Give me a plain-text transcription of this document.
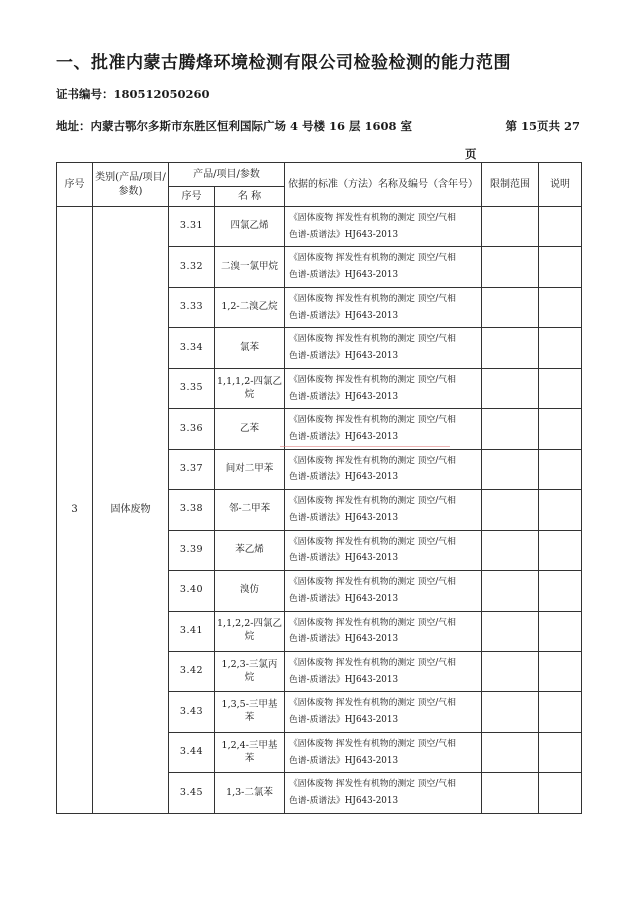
一、批准内蒙古腾烽环境检测有限公司检验检测的能力范围
证书编号：180512050260
地址：内蒙古鄂尔多斯市东胜区恒利国际广场 4 号楼 16 层 1608 室	第 15页共 27
页
序号	类别(产品/项目/参数)	产品/项目/参数		依据的标准（方法）名称及编号（含年号）	限制范围	说明
		序号	名 称			
3	固体废物	3.31	四氯乙烯	《固体废物 挥发性有机物的测定 顶空/气相
色谱-质谱法》HJ643-2013		

		3.32	二溴一氯甲烷	《固体废物 挥发性有机物的测定 顶空/气相
色谱-质谱法》HJ643-2013		

		3.33	1,2-二溴乙烷	《固体废物 挥发性有机物的测定 顶空/气相
色谱-质谱法》HJ643-2013		

		3.34	氯苯	《固体废物 挥发性有机物的测定 顶空/气相
色谱-质谱法》HJ643-2013		

		3.35	1,1,1,2-四氯乙烷	《固体废物 挥发性有机物的测定 顶空/气相
色谱-质谱法》HJ643-2013		

		3.36	乙苯	《固体废物 挥发性有机物的测定 顶空/气相
色谱-质谱法》HJ643-2013		

		3.37	间对二甲苯	《固体废物 挥发性有机物的测定 顶空/气相
色谱-质谱法》HJ643-2013		

		3.38	邻-二甲苯	《固体废物 挥发性有机物的测定 顶空/气相
色谱-质谱法》HJ643-2013		

		3.39	苯乙烯	《固体废物 挥发性有机物的测定 顶空/气相
色谱-质谱法》HJ643-2013		

		3.40	溴仿	《固体废物 挥发性有机物的测定 顶空/气相
色谱-质谱法》HJ643-2013		

		3.41	1,1,2,2-四氯乙烷	《固体废物 挥发性有机物的测定 顶空/气相
色谱-质谱法》HJ643-2013		

		3.42	1,2,3-三氯丙烷	《固体废物 挥发性有机物的测定 顶空/气相
色谱-质谱法》HJ643-2013		

		3.43	1,3,5-三甲基苯	《固体废物 挥发性有机物的测定 顶空/气相
色谱-质谱法》HJ643-2013		

		3.44	1,2,4-三甲基苯	《固体废物 挥发性有机物的测定 顶空/气相
色谱-质谱法》HJ643-2013		

		3.45	1,3-二氯苯	《固体废物 挥发性有机物的测定 顶空/气相
色谱-质谱法》HJ643-2013		
